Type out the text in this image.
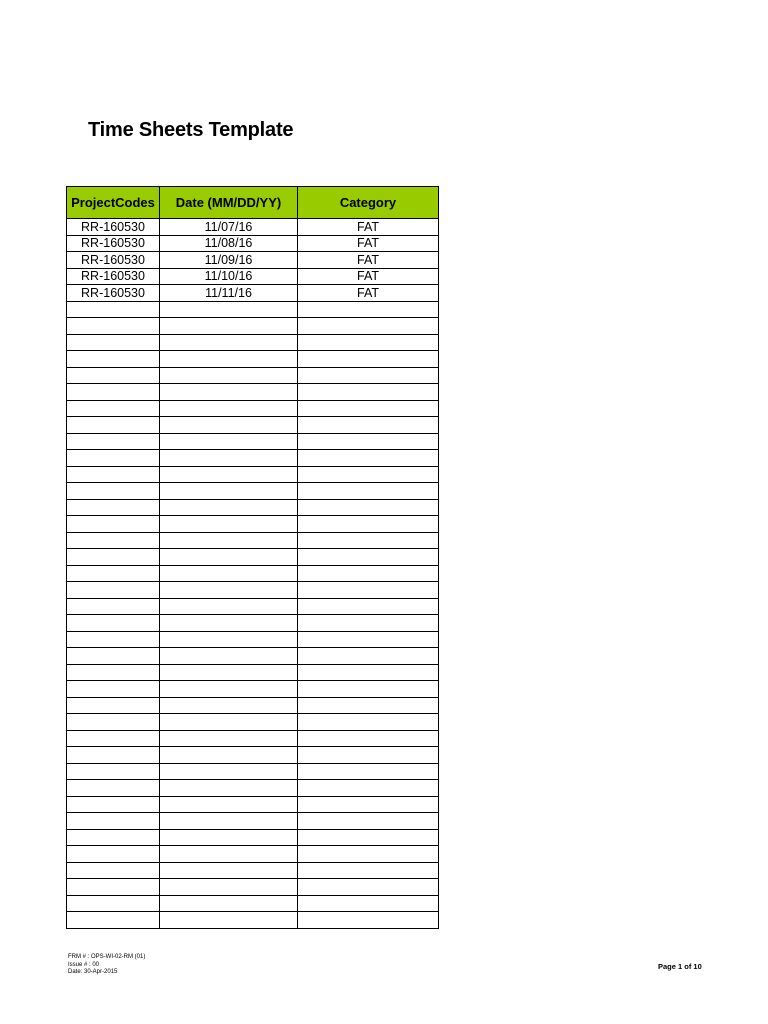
Time Sheets Template
ProjectCodes	Date (MM/DD/YY)	Category
RR-160530	11/07/16	FAT
RR-160530	11/08/16	FAT
RR-160530	11/09/16	FAT
RR-160530	11/10/16	FAT
RR-160530	11/11/16	FAT

FRM # : OPS-WI-02-RM (01)
Issue # : 00
Date: 30-Apr-2015
Page 1 of 10
